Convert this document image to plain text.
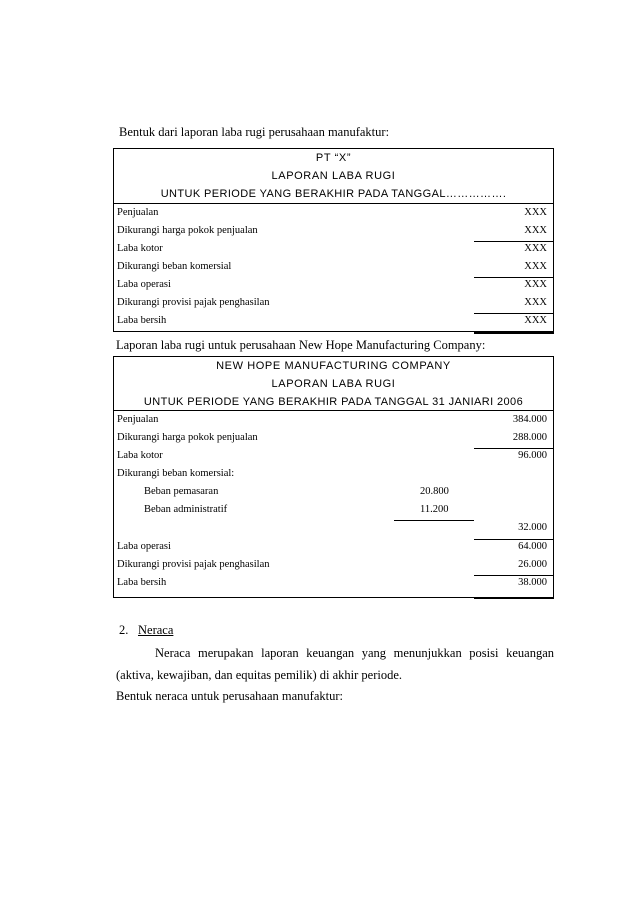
Bentuk dari laporan laba rugi perusahaan manufaktur:
PT “X”
LAPORAN LABA RUGI
UNTUK PERIODE YANG BERAKHIR PADA TANGGAL…………….
Penjualan	XXX
Dikurangi harga pokok penjualan	XXX
Laba kotor	XXX
Dikurangi beban komersial	XXX
Laba operasi	XXX
Dikurangi provisi pajak penghasilan	XXX
Laba bersih	XXX
Laporan laba rugi untuk perusahaan New Hope Manufacturing Company:
NEW HOPE MANUFACTURING COMPANY
LAPORAN LABA RUGI
UNTUK PERIODE YANG BERAKHIR PADA TANGGAL 31 JANIARI 2006
Penjualan	384.000
Dikurangi harga pokok penjualan	288.000
Laba kotor	96.000
Dikurangi beban komersial:
Beban pemasaran	20.800
Beban administratif	11.200
32.000
Laba operasi	64.000
Dikurangi provisi pajak penghasilan	26.000
Laba bersih	38.000
2. Neraca
Neraca merupakan laporan keuangan yang menunjukkan posisi keuangan
(aktiva, kewajiban, dan equitas pemilik) di akhir periode.
Bentuk neraca untuk perusahaan manufaktur:
